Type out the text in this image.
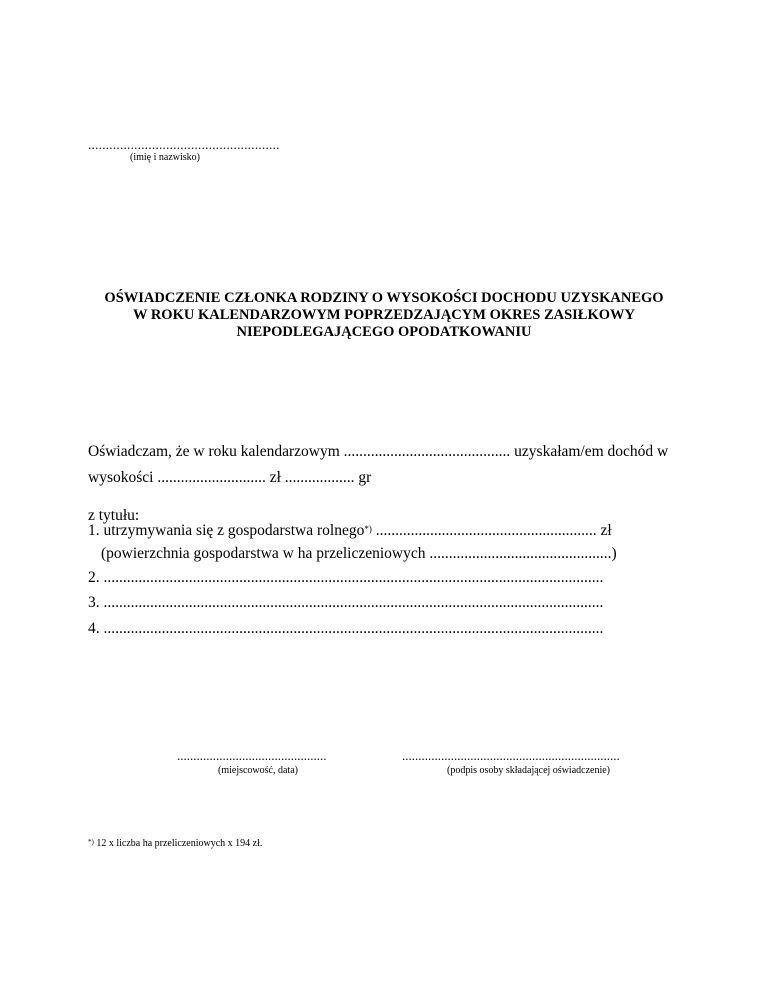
......................................................
(imię i nazwisko)
OŚWIADCZENIE CZŁONKA RODZINY O WYSOKOŚCI DOCHODU UZYSKANEGO
W ROKU KALENDARZOWYM POPRZEDZAJĄCYM OKRES ZASIŁKOWY
NIEPODLEGAJĄCEGO OPODATKOWANIU
Oświadczam, że w roku kalendarzowym ........................................... uzyskałam/em dochód w
wysokości ............................ zł .................. gr
z tytułu:
1. utrzymywania się z gospodarstwa rolnego*) ......................................................... zł
(powierzchnia gospodarstwa w ha przeliczeniowych ...............................................)
2. .................................................................................................................................
3. .................................................................................................................................
4. .................................................................................................................................
..............................................
(miejscowość, data)
...................................................................
(podpis osoby składającej oświadczenie)
*) 12 x liczba ha przeliczeniowych x 194 zł.
